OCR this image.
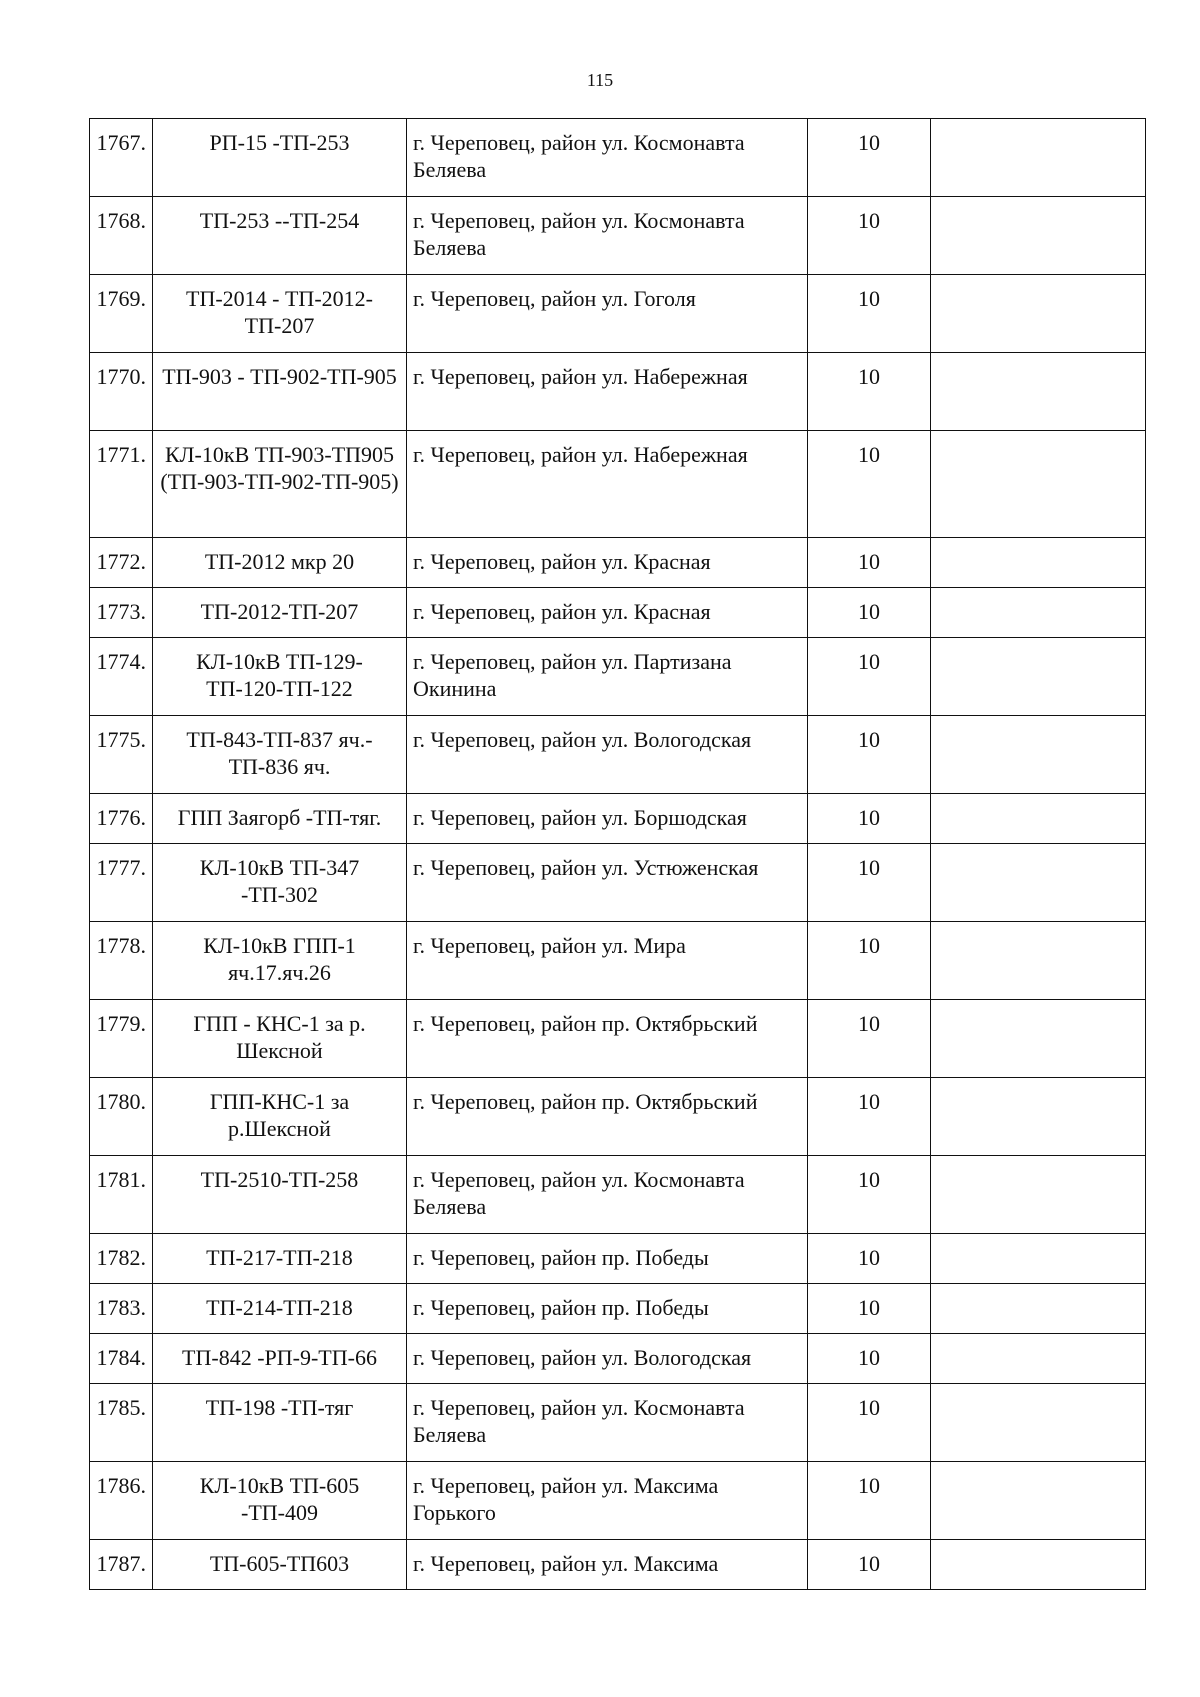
115
1767.	РП-15 -ТП-253	г. Череповец, район ул. Космонавта Беляева	10	
1768.	ТП-253 --ТП-254	г. Череповец, район ул. Космонавта Беляева	10	
1769.	ТП-2014 - ТП-2012-ТП-207	г. Череповец, район ул. Гоголя	10	
1770.	ТП-903 - ТП-902-ТП-905	г. Череповец, район ул. Набережная	10	
1771.	КЛ-10кВ ТП-903-ТП905 (ТП-903-ТП-902-ТП-905)	г. Череповец, район ул. Набережная	10	
1772.	ТП-2012 мкр 20	г. Череповец, район ул. Красная	10	
1773.	ТП-2012-ТП-207	г. Череповец, район ул. Красная	10	
1774.	КЛ-10кВ ТП-129-ТП-120-ТП-122	г. Череповец, район ул. Партизана Окинина	10	
1775.	ТП-843-ТП-837 яч.-ТП-836 яч.	г. Череповец, район ул. Вологодская	10	
1776.	ГПП Заягорб -ТП-тяг.	г. Череповец, район ул. Боршодская	10	
1777.	КЛ-10кВ ТП-347 -ТП-302	г. Череповец, район ул. Устюженская	10	
1778.	КЛ-10кВ ГПП-1 яч.17.яч.26	г. Череповец, район ул. Мира	10	
1779.	ГПП - КНС-1 за р. Шексной	г. Череповец, район пр. Октябрьский	10	
1780.	ГПП-КНС-1 за р.Шексной	г. Череповец, район пр. Октябрьский	10	
1781.	ТП-2510-ТП-258	г. Череповец, район ул. Космонавта Беляева	10	
1782.	ТП-217-ТП-218	г. Череповец, район пр. Победы	10	
1783.	ТП-214-ТП-218	г. Череповец, район пр. Победы	10	
1784.	ТП-842 -РП-9-ТП-66	г. Череповец, район ул. Вологодская	10	
1785.	ТП-198 -ТП-тяг	г. Череповец, район ул. Космонавта Беляева	10	
1786.	КЛ-10кВ ТП-605 -ТП-409	г. Череповец, район ул. Максима Горького	10	
1787.	ТП-605-ТП603	г. Череповец, район ул. Максима	10	
